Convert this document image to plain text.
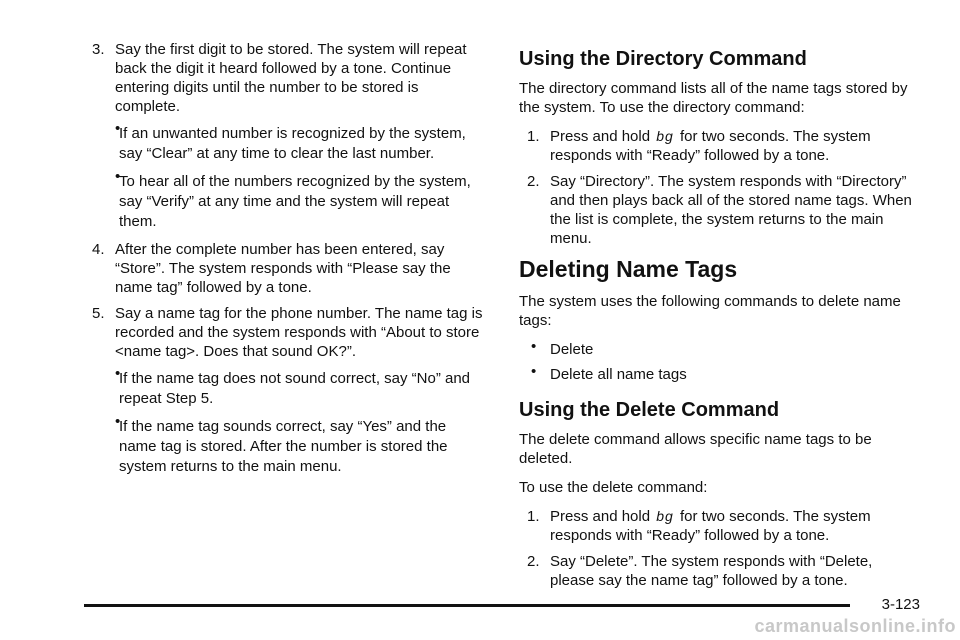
3. Say the first digit to be stored. The system will repeat back the digit it heard followed by a tone. Continue entering digits until the number to be stored is complete.

•
If an unwanted number is recognized by the system, say “Clear” at any time to clear the last number.
•
To hear all of the numbers recognized by the system, say “Verify” at any time and the system will repeat them.

4. After the complete number has been entered, say “Store”. The system responds with “Please say the name tag” followed by a tone.

5. Say a name tag for the phone number. The name tag is recorded and the system responds with “About to store <name tag>. Does that sound OK?”.

•
If the name tag does not sound correct, say “No” and repeat Step 5.
•
If the name tag sounds correct, say “Yes” and the name tag is stored. After the number is stored the system returns to the main menu.
Using the Directory Command

The directory command lists all of the name tags stored by the system. To use the directory command:

1. Press and hold bg for two seconds. The system responds with “Ready” followed by a tone.

2. Say “Directory”. The system responds with “Directory” and then plays back all of the stored name tags. When the list is complete, the system returns to the main menu.

Deleting Name Tags

The system uses the following commands to delete name tags:

• Delete
• Delete all name tags
Using the Delete Command

The delete command allows specific name tags to be deleted.

To use the delete command:

1. Press and hold bg for two seconds. The system responds with “Ready” followed by a tone.

2. Say “Delete”. The system responds with “Delete, please say the name tag” followed by a tone.

3-123
carmanualsonline.info
